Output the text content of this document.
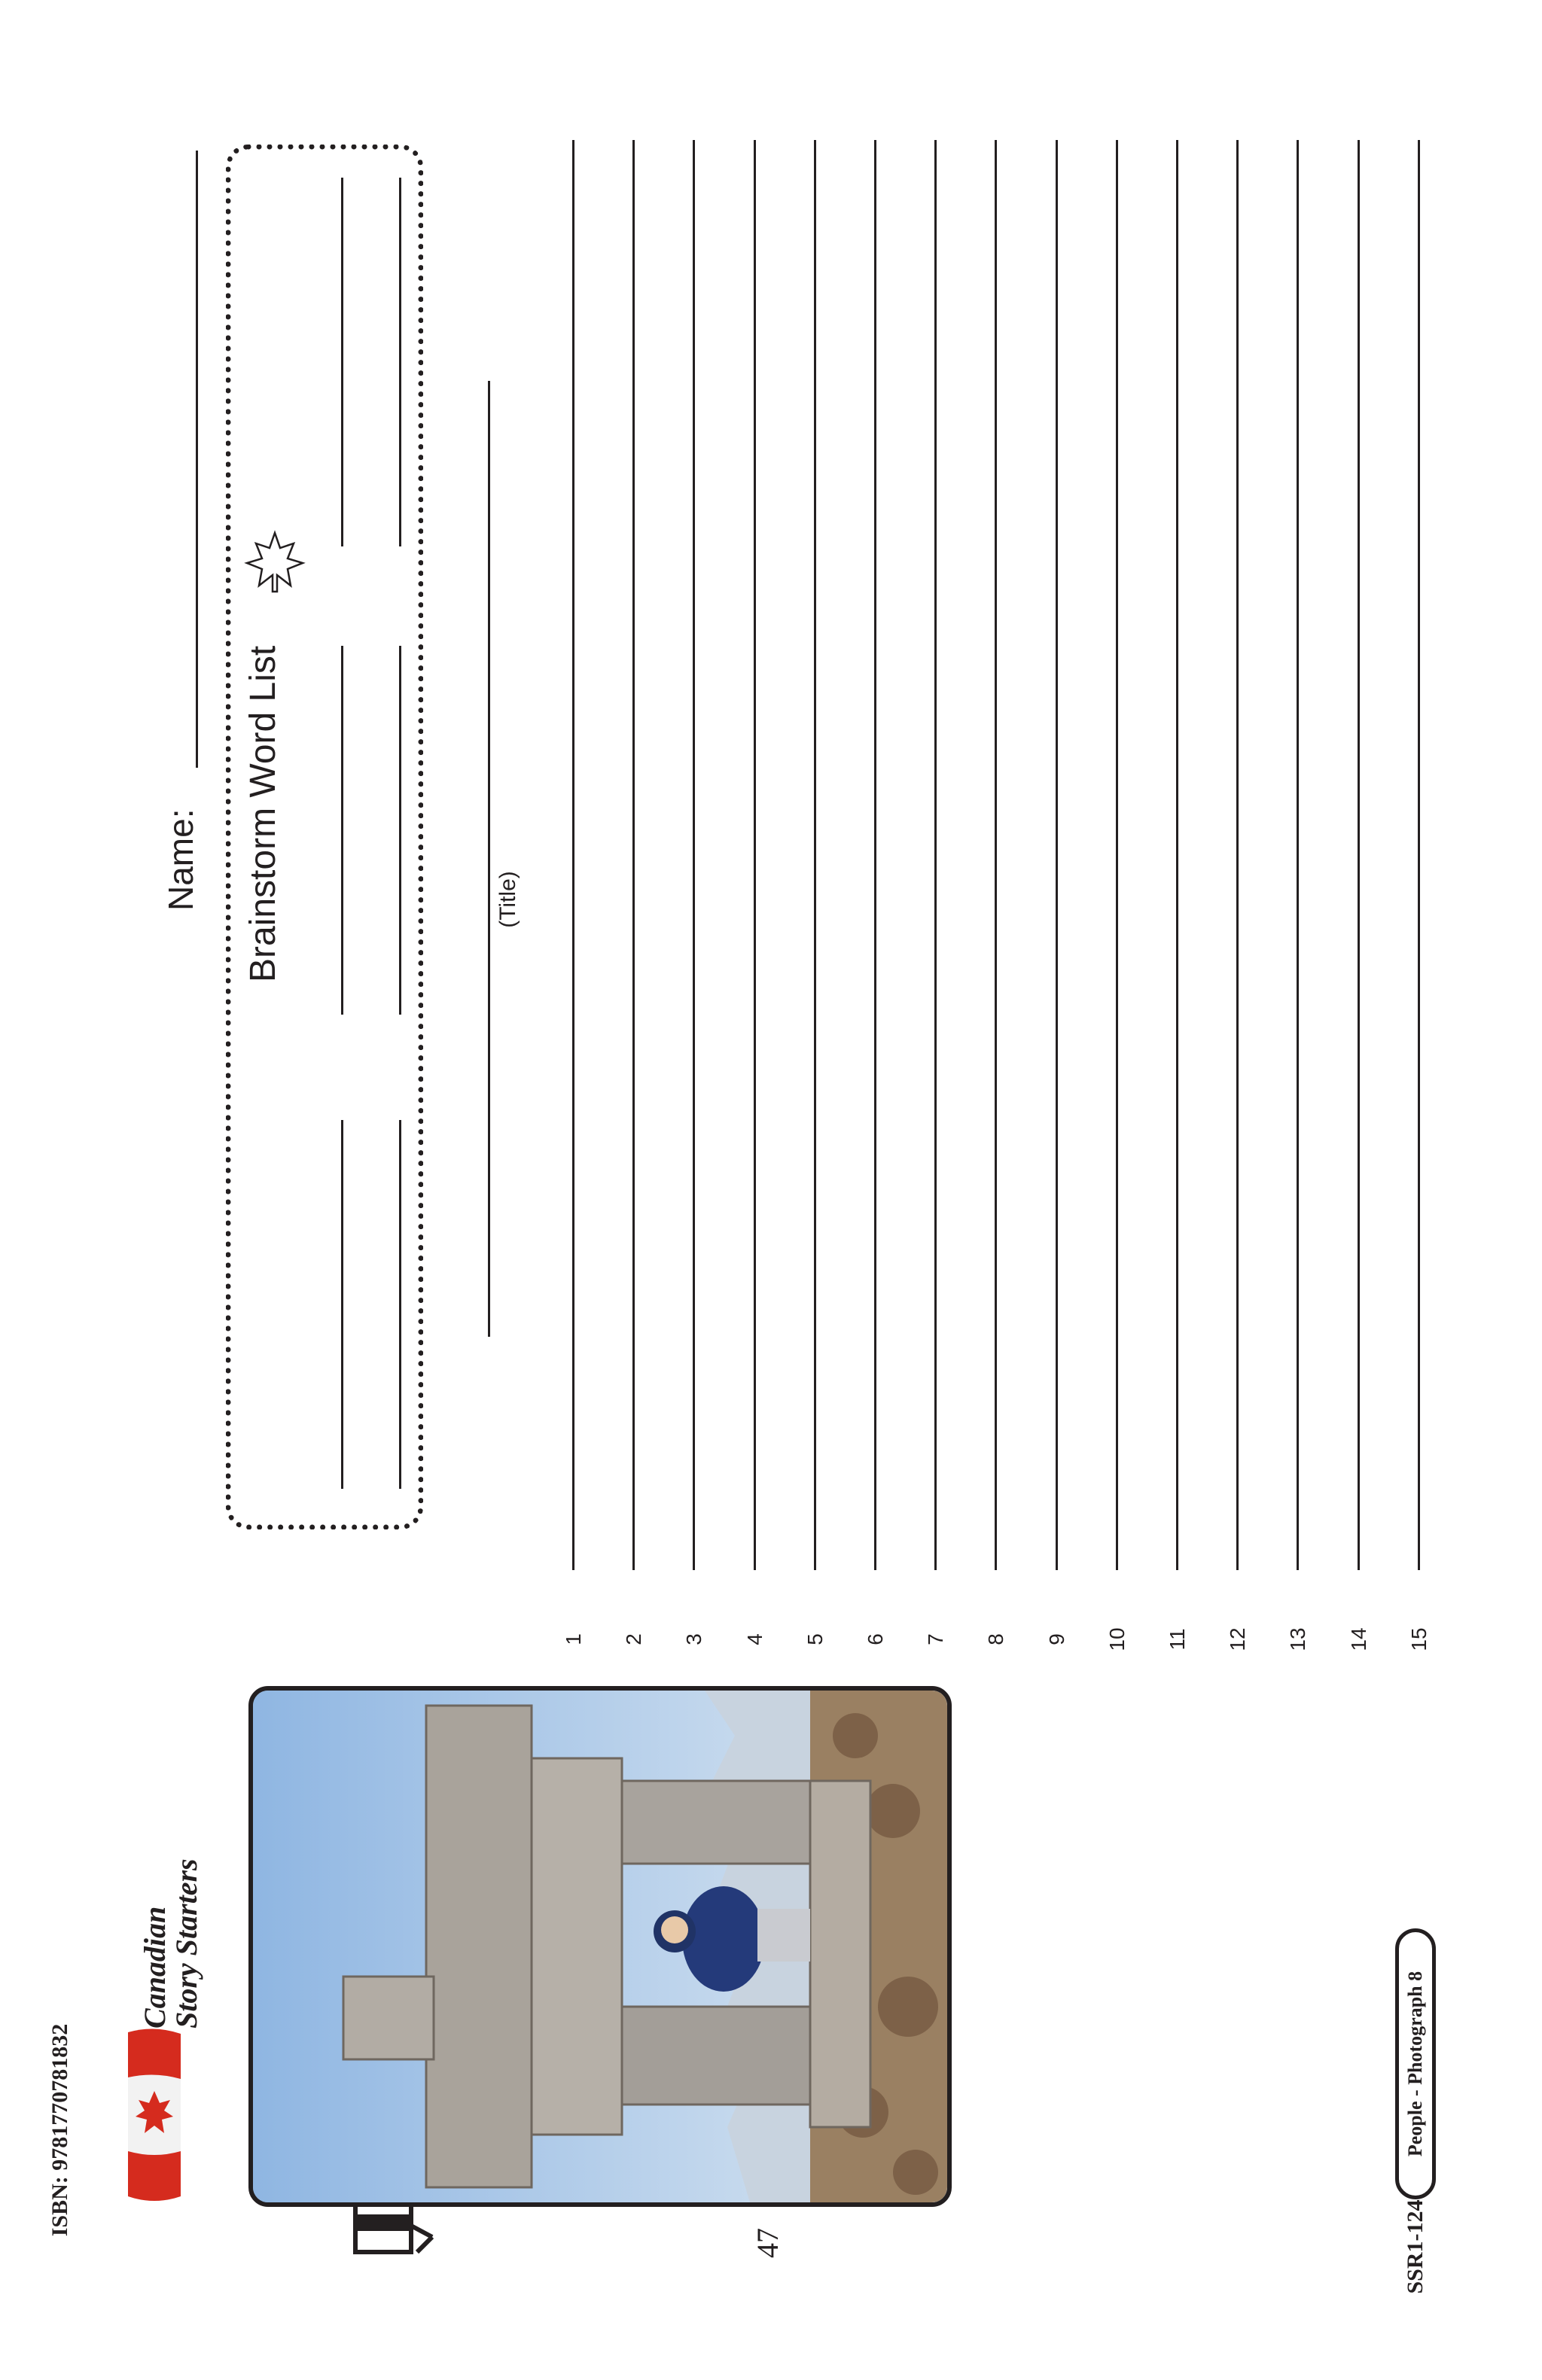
Canadian
Story Starters
ISBN: 9781770781832
47	SSR1-124
People - Photograph 8
Name: Brainstorm Word List	(Title)
1 2 3 4 5 6 7 8 9 10 11 12 13 14 15
